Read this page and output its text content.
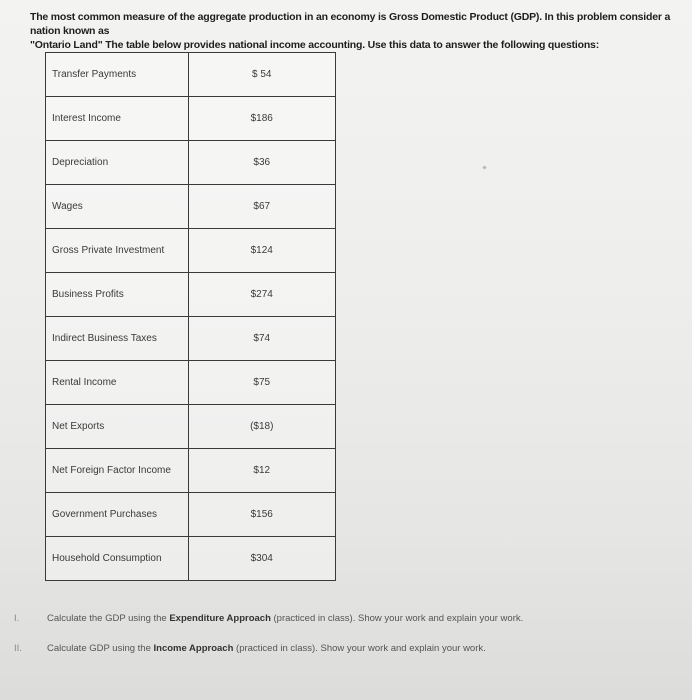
The most common measure of the aggregate production in an economy is Gross Domestic Product (GDP). In this problem consider a nation known as
"Ontario Land" The table below provides national income accounting. Use this data to answer the following questions:
Transfer Payments	$ 54
Interest Income	$186
Depreciation	$36
Wages	$67
Gross Private Investment	$124
Business Profits	$274
Indirect Business Taxes	$74
Rental Income	$75
Net Exports	($18)
Net Foreign Factor Income	$12
Government Purchases	$156
Household Consumption	$304
I.	Calculate the GDP using the Expenditure Approach (practiced in class). Show your work and explain your work.
II.	Calculate GDP using the Income Approach (practiced in class). Show your work and explain your work.
